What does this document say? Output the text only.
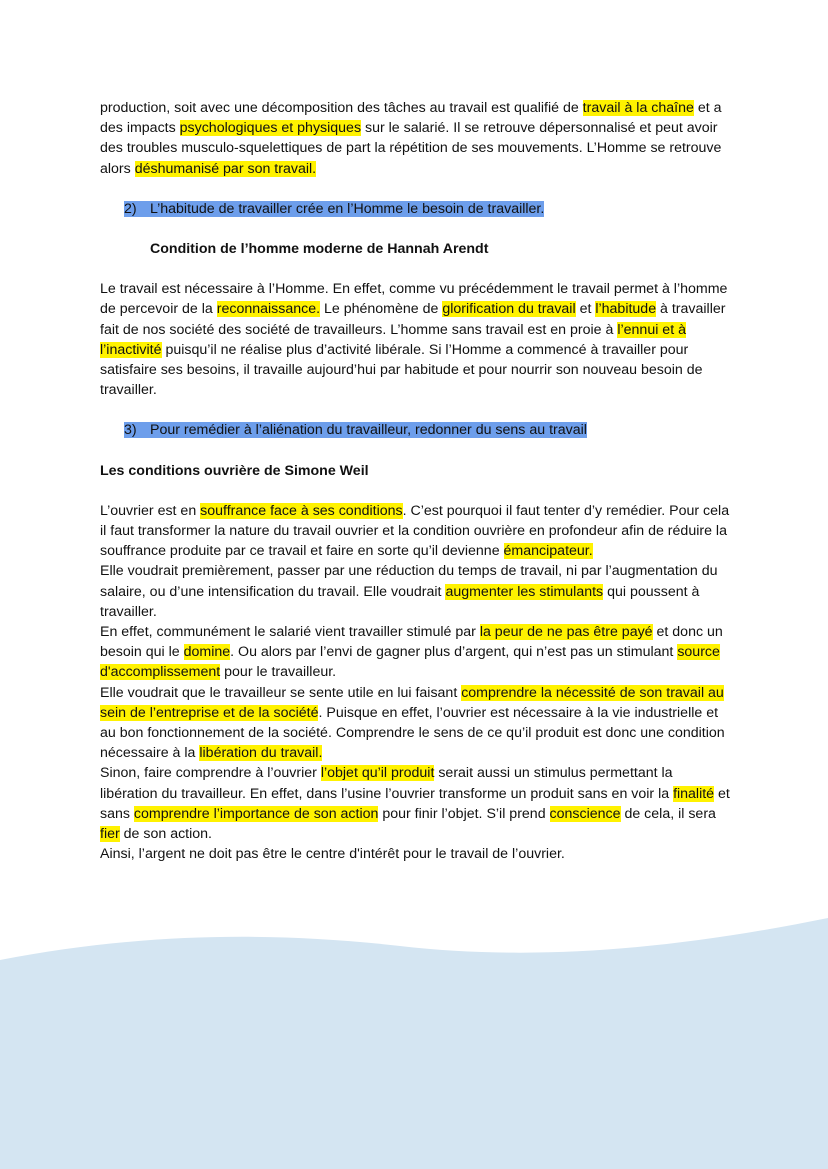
production, soit avec une décomposition des tâches au travail est qualifié de travail à la chaîne et a des impacts psychologiques et physiques sur le salarié. Il se retrouve dépersonnalisé et peut avoir des troubles musculo-squelettiques de part la répétition de ses mouvements. L’Homme se retrouve alors déshumanisé par son travail.

2) L’habitude de travailler crée en l’Homme le besoin de travailler.

Condition de l’homme moderne de Hannah Arendt

Le travail est nécessaire à l’Homme. En effet, comme vu précédemment le travail permet à l’homme de percevoir de la reconnaissance. Le phénomène de glorification du travail et l’habitude à travailler fait de nos société des société de travailleurs. L’homme sans travail est en proie à l’ennui et à l’inactivité puisqu’il ne réalise plus d’activité libérale. Si l’Homme a commencé à travailler pour satisfaire ses besoins, il travaille aujourd’hui par habitude et pour nourrir son nouveau besoin de travailler.

3) Pour remédier à l’aliénation du travailleur, redonner du sens au travail

Les conditions ouvrière de Simone Weil

L’ouvrier est en souffrance face à ses conditions. C’est pourquoi il faut tenter d’y remédier. Pour cela il faut transformer la nature du travail ouvrier et la condition ouvrière en profondeur afin de réduire la souffrance produite par ce travail et faire en sorte qu’il devienne émancipateur.

Elle voudrait premièrement, passer par une réduction du temps de travail, ni par l’augmentation du salaire, ou d’une intensification du travail. Elle voudrait augmenter les stimulants qui poussent à travailler.

En effet, communément le salarié vient travailler stimulé par la peur de ne pas être payé et donc un besoin qui le domine. Ou alors par l’envi de gagner plus d’argent, qui n’est pas un stimulant source d'accomplissement pour le travailleur.

Elle voudrait que le travailleur se sente utile en lui faisant comprendre la nécessité de son travail au sein de l’entreprise et de la société. Puisque en effet, l’ouvrier est nécessaire à la vie industrielle et au bon fonctionnement de la société. Comprendre le sens de ce qu’il produit est donc une condition nécessaire à la libération du travail.

Sinon, faire comprendre à l’ouvrier l’objet qu’il produit serait aussi un stimulus permettant la libération du travailleur. En effet, dans l’usine l’ouvrier transforme un produit sans en voir la finalité et sans comprendre l’importance de son action pour finir l’objet. S’il prend conscience de cela, il sera fier de son action.

Ainsi, l’argent ne doit pas être le centre d'intérêt pour le travail de l’ouvrier.
